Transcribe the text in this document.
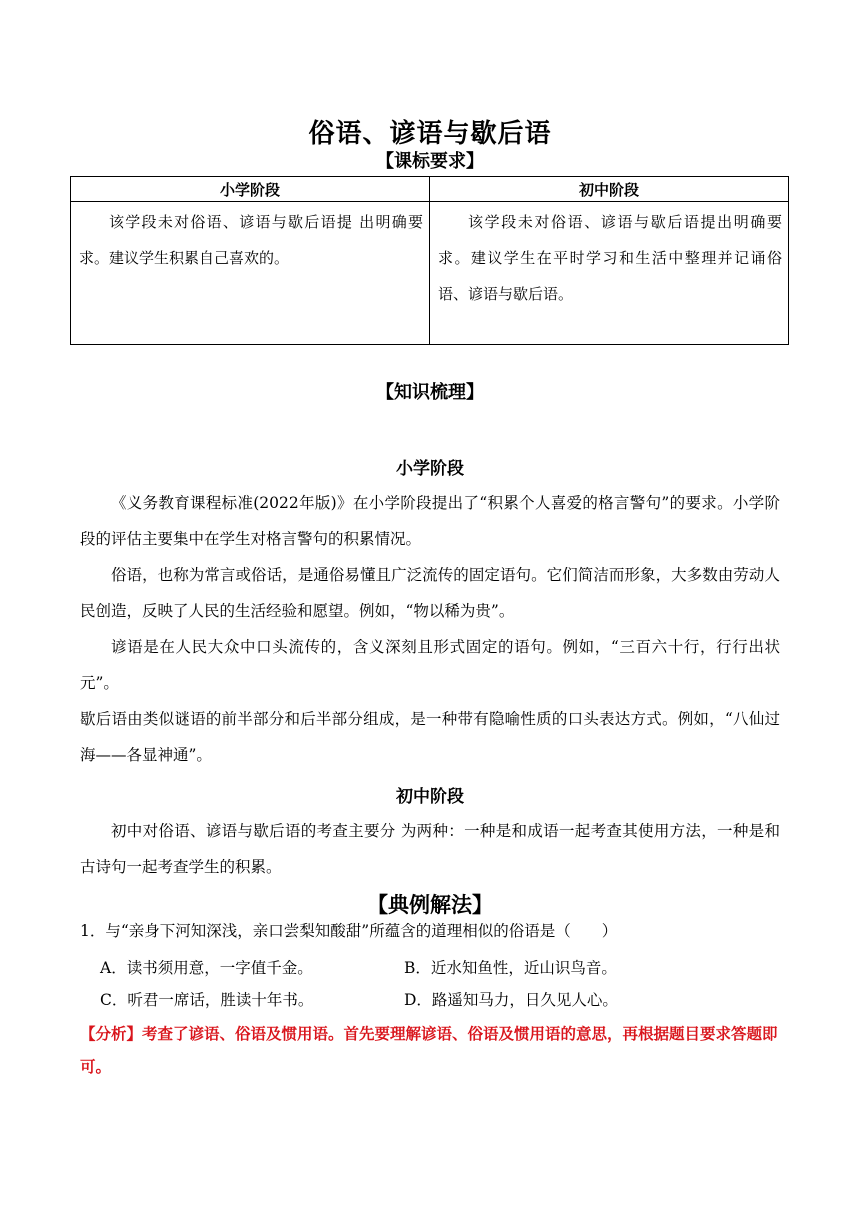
俗语、谚语与歇后语
【课标要求】
小学阶段	初中阶段
该学段未对俗语、谚语与歇后语提 出明确要求。建议学生积累自己喜欢的。	该学段未对俗语、谚语与歇后语提出明确要求。建议学生在平时学习和生活中整理并记诵俗语、谚语与歇后语。
【知识梳理】
小学阶段

《义务教育课程标准(2022年版)》在小学阶段提出了“积累个人喜爱的格言警句”的要求。小学阶段的评估主要集中在学生对格言警句的积累情况。

俗语，也称为常言或俗话，是通俗易懂且广泛流传的固定语句。它们简洁而形象，大多数由劳动人民创造，反映了人民的生活经验和愿望。例如，“物以稀为贵”。

谚语是在人民大众中口头流传的，含义深刻且形式固定的语句。例如，“三百六十行，行行出状元”。

歇后语由类似谜语的前半部分和后半部分组成，是一种带有隐喻性质的口头表达方式。例如，“八仙过海——各显神通”。

初中阶段

初中对俗语、谚语与歇后语的考查主要分 为两种：一种是和成语一起考查其使用方法，一种是和古诗句一起考查学生的积累。

【典例解法】

1．与“亲身下河知深浅，亲口尝梨知酸甜”所蕴含的道理相似的俗语是（　　）

A．读书须用意，一字值千金。	B．近水知鱼性，近山识鸟音。

C．听君一席话，胜读十年书。	D．路遥知马力，日久见人心。

【分析】考查了谚语、俗语及惯用语。首先要理解谚语、俗语及惯用语的意思，再根据题目要求答题即可。
